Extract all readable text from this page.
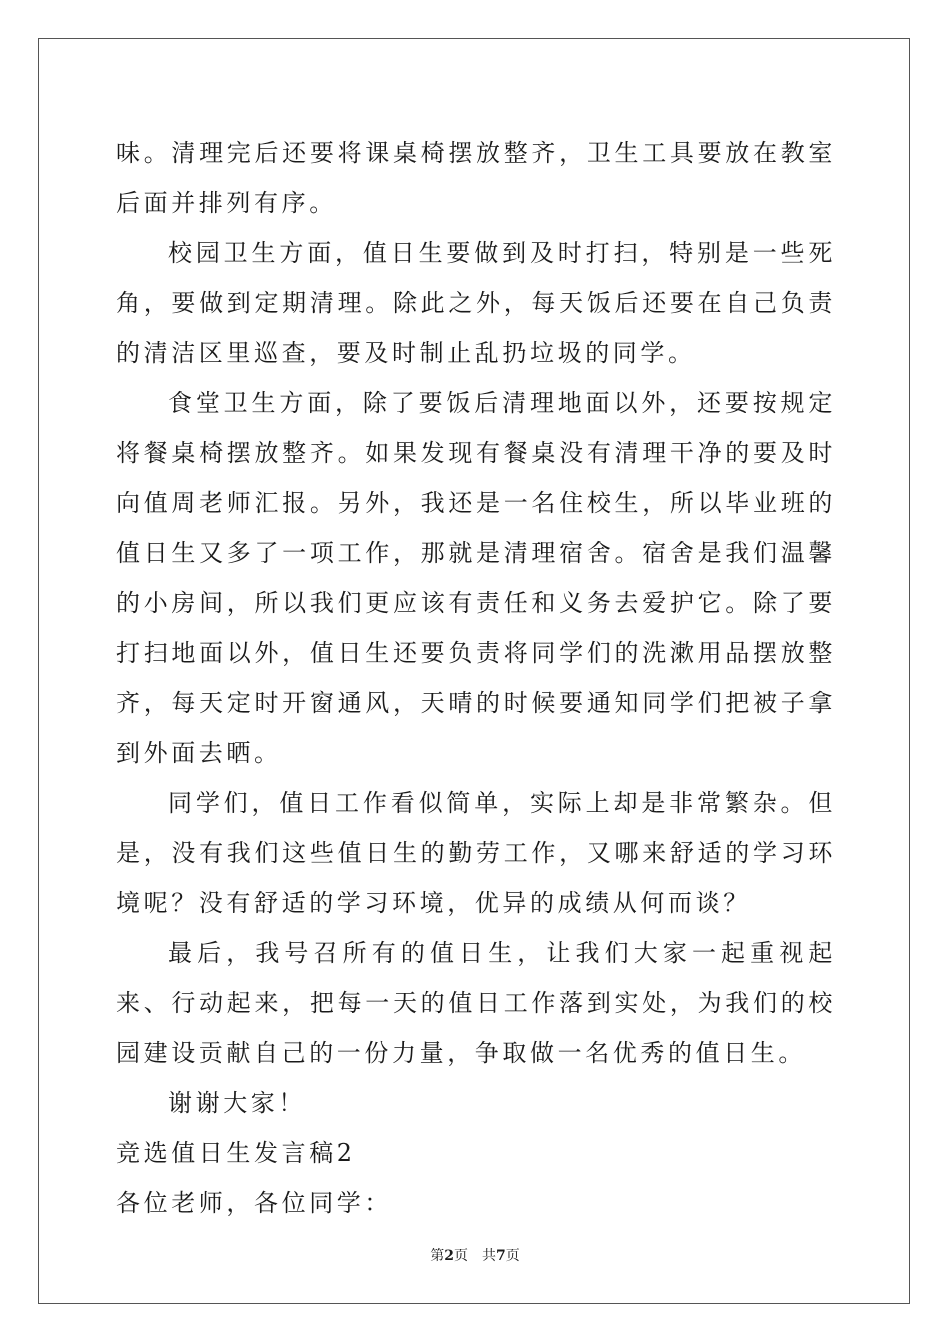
味。清理完后还要将课桌椅摆放整齐，卫生工具要放在教室后面并排列有序。

校园卫生方面，值日生要做到及时打扫，特别是一些死角，要做到定期清理。除此之外，每天饭后还要在自己负责的清洁区里巡查，要及时制止乱扔垃圾的同学。

食堂卫生方面，除了要饭后清理地面以外，还要按规定将餐桌椅摆放整齐。如果发现有餐桌没有清理干净的要及时向值周老师汇报。另外，我还是一名住校生，所以毕业班的值日生又多了一项工作，那就是清理宿舍。宿舍是我们温馨的小房间，所以我们更应该有责任和义务去爱护它。除了要打扫地面以外，值日生还要负责将同学们的洗漱用品摆放整齐，每天定时开窗通风，天晴的时候要通知同学们把被子拿到外面去晒。

同学们，值日工作看似简单，实际上却是非常繁杂。但是，没有我们这些值日生的勤劳工作，又哪来舒适的学习环境呢？没有舒适的学习环境，优异的成绩从何而谈？

最后，我号召所有的值日生，让我们大家一起重视起来、行动起来，把每一天的值日工作落到实处，为我们的校园建设贡献自己的一份力量，争取做一名优秀的值日生。

谢谢大家！

竞选值日生发言稿2

各位老师，各位同学：

第2页 共7页
